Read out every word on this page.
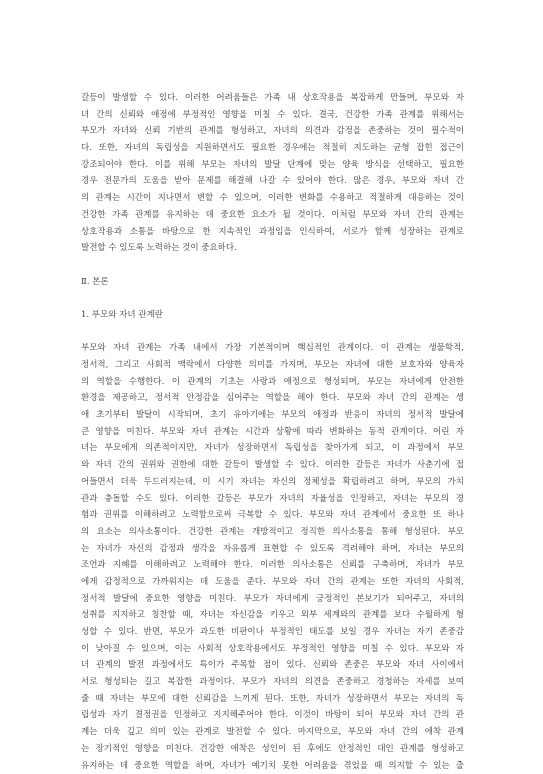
갈등이 발생할 수 있다. 이러한 어려움들은 가족 내 상호작용을 복잡하게 만들며, 부모와 자
녀 간의 신뢰와 애정에 부정적인 영향을 미칠 수 있다. 결국, 건강한 가족 관계를 위해서는
부모가 자녀와 신뢰 기반의 관계를 형성하고, 자녀의 의견과 감정을 존중하는 것이 필수적이
다. 또한, 자녀의 독립성을 지원하면서도 필요한 경우에는 적절히 지도하는 균형 잡힌 접근이
강조되어야 한다. 이를 위해 부모는 자녀의 발달 단계에 맞는 양육 방식을 선택하고, 필요한
경우 전문가의 도움을 받아 문제를 해결해 나갈 수 있어야 한다. 많은 경우, 부모와 자녀 간
의 관계는 시간이 지나면서 변할 수 있으며, 이러한 변화를 수용하고 적절하게 대응하는 것이
건강한 가족 관계를 유지하는 데 중요한 요소가 될 것이다. 이처럼 부모와 자녀 간의 관계는
상호작용과 소통을 바탕으로 한 지속적인 과정임을 인식하여, 서로가 함께 성장하는 관계로
발전할 수 있도록 노력하는 것이 중요하다.
Ⅱ. 본론
1. 부모와 자녀 관계란
부모와 자녀 관계는 가족 내에서 가장 기본적이며 핵심적인 관계이다. 이 관계는 생물학적,
정서적, 그리고 사회적 맥락에서 다양한 의미를 가지며, 부모는 자녀에 대한 보호자와 양육자
의 역할을 수행한다. 이 관계의 기초는 사랑과 애정으로 형성되며, 부모는 자녀에게 안전한
환경을 제공하고, 정서적 안정감을 심어주는 역할을 해야 한다. 부모와 자녀 간의 관계는 생
애 초기부터 발달이 시작되며, 초기 유아기에는 부모의 애정과 반응이 자녀의 정서적 발달에
큰 영향을 미친다. 부모와 자녀 관계는 시간과 상황에 따라 변화하는 동적 관계이다. 어린 자
녀는 부모에게 의존적이지만, 자녀가 성장하면서 독립성을 찾아가게 되고, 이 과정에서 부모
와 자녀 간의 권위와 권한에 대한 갈등이 발생할 수 있다. 이러한 갈등은 자녀가 사춘기에 접
어들면서 더욱 두드러지는데, 이 시기 자녀는 자신의 정체성을 확립하려고 하며, 부모의 가치
관과 충돌할 수도 있다. 이러한 갈등은 부모가 자녀의 자율성을 인정하고, 자녀는 부모의 경
험과 권위를 이해하려고 노력함으로써 극복할 수 있다. 부모와 자녀 관계에서 중요한 또 하나
의 요소는 의사소통이다. 건강한 관계는 개방적이고 정직한 의사소통을 통해 형성된다. 부모
는 자녀가 자신의 감정과 생각을 자유롭게 표현할 수 있도록 격려해야 하며, 자녀는 부모의
조언과 지혜를 이해하려고 노력해야 한다. 이러한 의사소통은 신뢰를 구축하며, 자녀가 부모
에게 감정적으로 가까워지는 데 도움을 준다. 부모와 자녀 간의 관계는 또한 자녀의 사회적,
정서적 발달에 중요한 영향을 미친다. 부모가 자녀에게 긍정적인 본보기가 되어주고, 자녀의
성취를 지지하고 칭찬할 때, 자녀는 자신감을 키우고 외부 세계와의 관계를 보다 수월하게 형
성할 수 있다. 반면, 부모가 과도한 비판이나 부정적인 태도를 보일 경우 자녀는 자기 존중감
이 낮아질 수 있으며, 이는 사회적 상호작용에서도 부정적인 영향을 미칠 수 있다. 부모와 자
녀 관계의 발전 과정에서도 특이가 주목할 점이 있다. 신뢰와 존중은 부모와 자녀 사이에서
서로 형성되는 길고 복잡한 과정이다. 부모가 자녀의 의견을 존중하고 경청하는 자세를 보여
줄 때 자녀는 부모에 대한 신뢰감을 느끼게 된다. 또한, 자녀가 성장하면서 부모는 자녀의 독
립성과 자기 결정권을 인정하고 지지해주어야 한다. 이것이 바탕이 되어 부모와 자녀 간의 관
계는 더욱 깊고 의미 있는 관계로 발전할 수 있다. 마지막으로, 부모와 자녀 간의 애착 관계
는 장기적인 영향을 미친다. 건강한 애착은 성인이 된 후에도 안정적인 대인 관계를 형성하고
유지하는 데 중요한 역할을 하며, 자녀가 예기치 못한 어려움을 겪었을 때 의지할 수 있는 출
